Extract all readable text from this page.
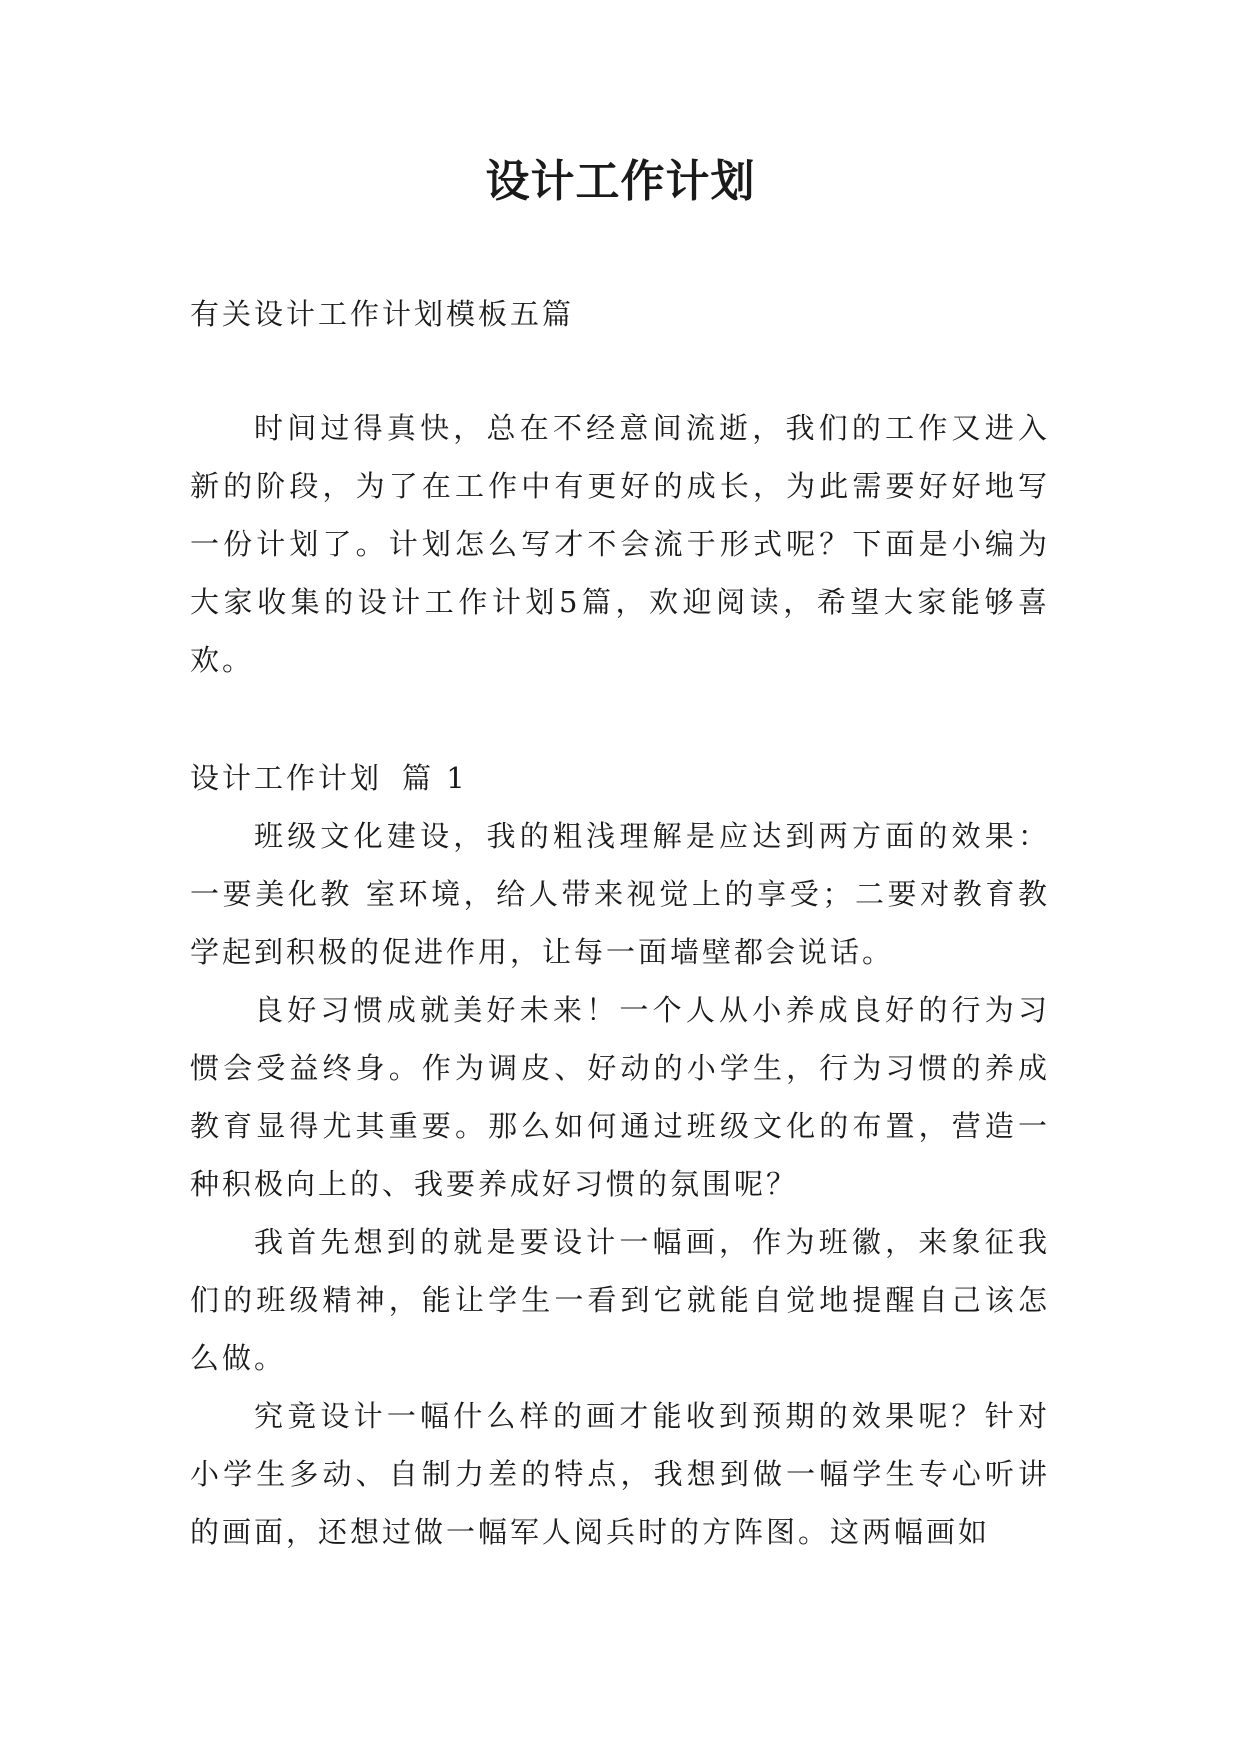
设计工作计划

有关设计工作计划模板五篇

时间过得真快，总在不经意间流逝，我们的工作又进入新的阶段，为了在工作中有更好的成长，为此需要好好地写一份计划了。计划怎么写才不会流于形式呢？下面是小编为大家收集的设计工作计划5篇，欢迎阅读，希望大家能够喜欢。

设计工作计划 篇 1

班级文化建设，我的粗浅理解是应达到两方面的效果：一要美化教 室环境，给人带来视觉上的享受；二要对教育教学起到积极的促进作用，让每一面墙壁都会说话。

良好习惯成就美好未来！一个人从小养成良好的行为习惯会受益终身。作为调皮、好动的小学生，行为习惯的养成教育显得尤其重要。那么如何通过班级文化的布置，营造一种积极向上的、我要养成好习惯的氛围呢？

我首先想到的就是要设计一幅画，作为班徽，来象征我们的班级精神，能让学生一看到它就能自觉地提醒自己该怎么做。

究竟设计一幅什么样的画才能收到预期的效果呢？针对小学生多动、自制力差的特点，我想到做一幅学生专心听讲的画面，还想过做一幅军人阅兵时的方阵图。这两幅画如
